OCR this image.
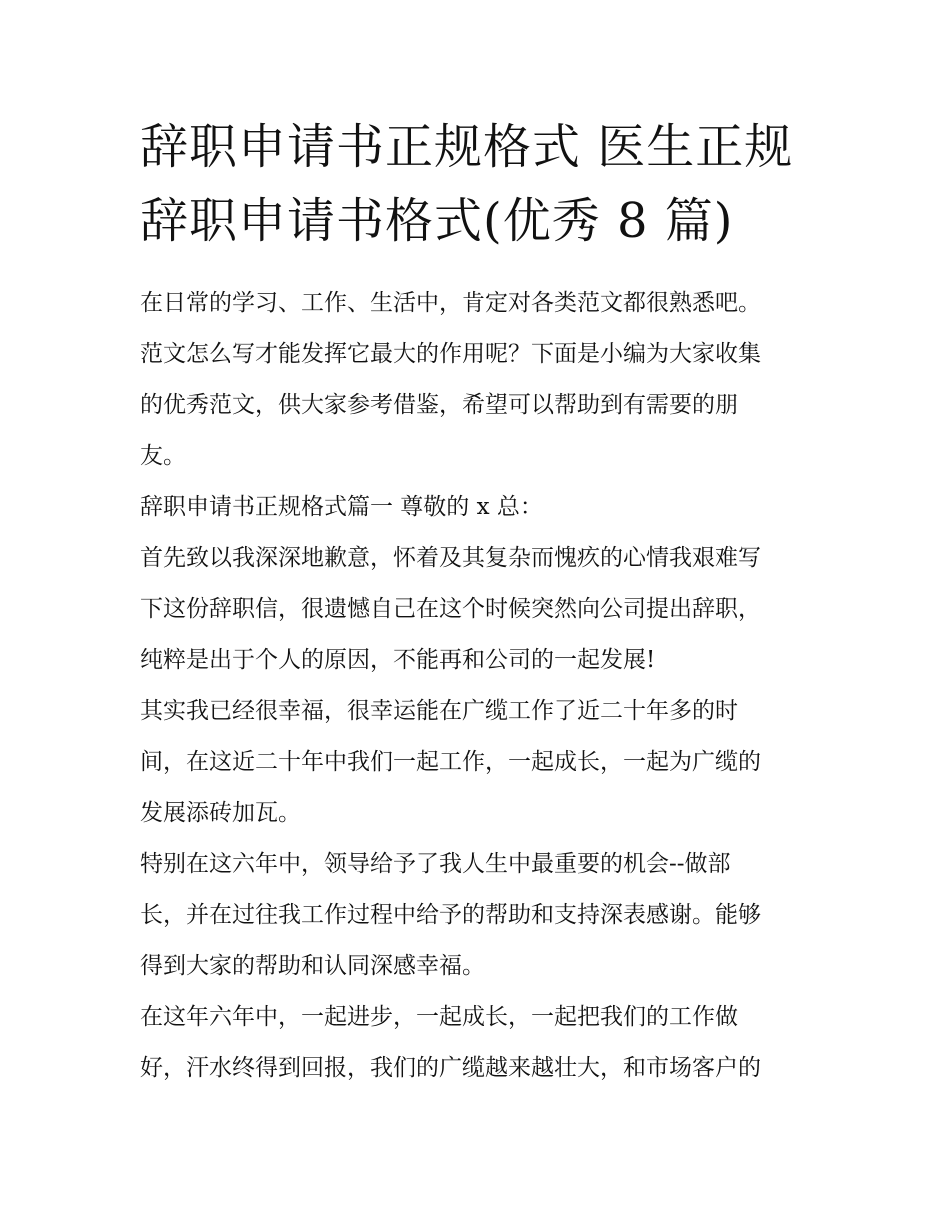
辞职申请书正规格式 医生正规
辞职申请书格式(优秀 8 篇)
在日常的学习、工作、生活中，肯定对各类范文都很熟悉吧。
范文怎么写才能发挥它最大的作用呢？下面是小编为大家收集
的优秀范文，供大家参考借鉴，希望可以帮助到有需要的朋
友。
辞职申请书正规格式篇一 尊敬的 x 总：
首先致以我深深地歉意，怀着及其复杂而愧疚的心情我艰难写
下这份辞职信，很遗憾自己在这个时候突然向公司提出辞职，
纯粹是出于个人的原因，不能再和公司的一起发展!
其实我已经很幸福，很幸运能在广缆工作了近二十年多的时
间，在这近二十年中我们一起工作，一起成长，一起为广缆的
发展添砖加瓦。
特别在这六年中，领导给予了我人生中最重要的机会--做部
长，并在过往我工作过程中给予的帮助和支持深表感谢。能够
得到大家的帮助和认同深感幸福。
在这年六年中，一起进步，一起成长，一起把我们的工作做
好，汗水终得到回报，我们的广缆越来越壮大，和市场客户的
